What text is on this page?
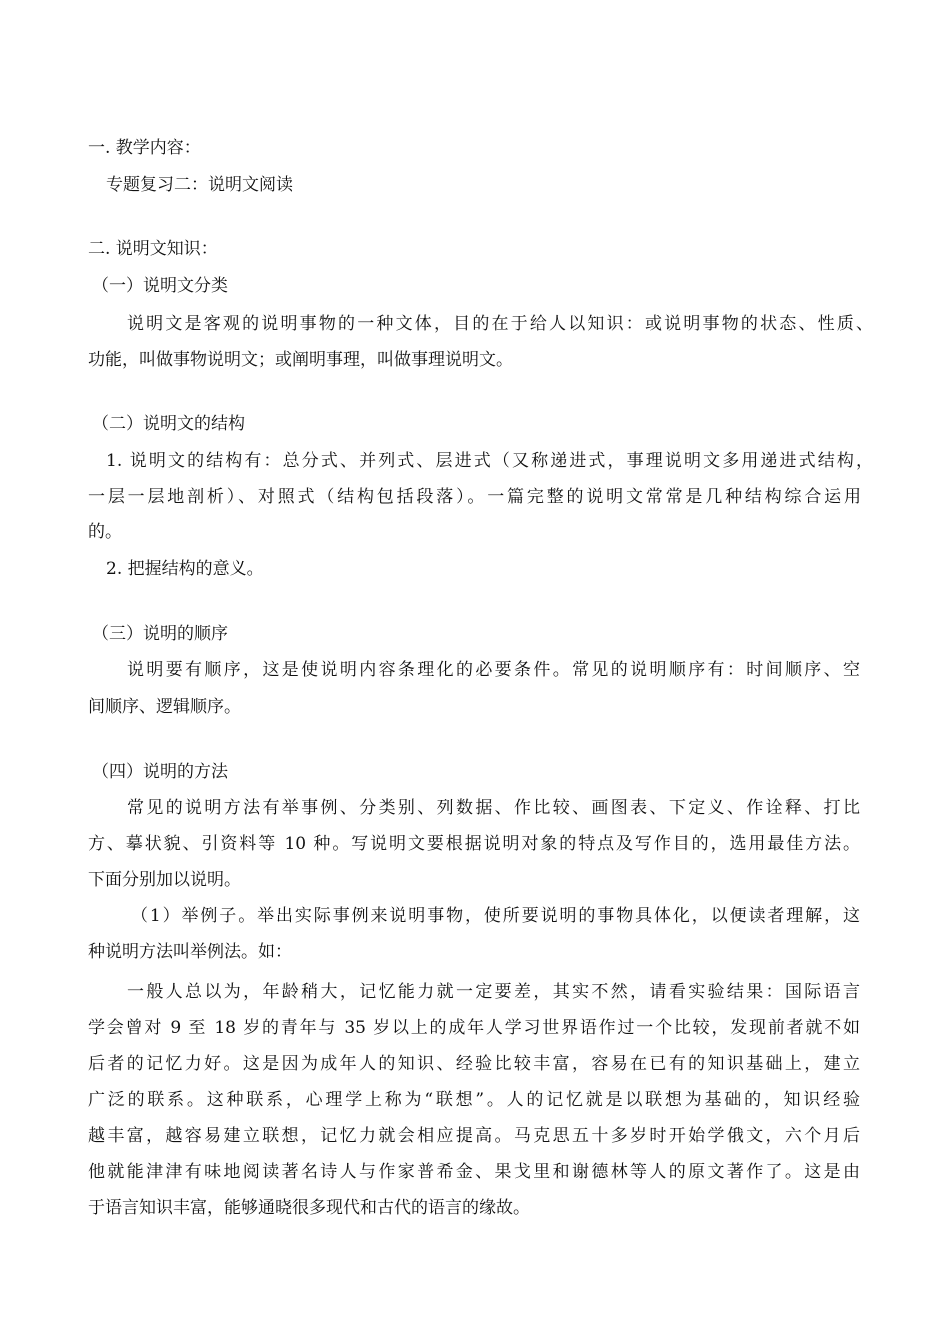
一. 教学内容：
专题复习二：说明文阅读
二. 说明文知识：
（一）说明文分类
说明文是客观的说明事物的一种文体，目的在于给人以知识：或说明事物的状态、性质、
功能，叫做事物说明文；或阐明事理，叫做事理说明文。
（二）说明文的结构
1. 说明文的结构有：总分式、并列式、层进式（又称递进式，事理说明文多用递进式结构，
一层一层地剖析）、对照式（结构包括段落）。一篇完整的说明文常常是几种结构综合运用
的。
2. 把握结构的意义。
（三）说明的顺序
说明要有顺序，这是使说明内容条理化的必要条件。常见的说明顺序有：时间顺序、空
间顺序、逻辑顺序。
（四）说明的方法
常见的说明方法有举事例、分类别、列数据、作比较、画图表、下定义、作诠释、打比
方、摹状貌、引资料等 10 种。写说明文要根据说明对象的特点及写作目的，选用最佳方法。
下面分别加以说明。
（1）举例子。举出实际事例来说明事物，使所要说明的事物具体化，以便读者理解，这
种说明方法叫举例法。如：
一般人总以为，年龄稍大，记忆能力就一定要差，其实不然，请看实验结果：国际语言
学会曾对 9 至 18 岁的青年与 35 岁以上的成年人学习世界语作过一个比较，发现前者就不如
后者的记忆力好。这是因为成年人的知识、经验比较丰富，容易在已有的知识基础上，建立
广泛的联系。这种联系，心理学上称为“联想”。人的记忆就是以联想为基础的，知识经验
越丰富，越容易建立联想，记忆力就会相应提高。马克思五十多岁时开始学俄文，六个月后
他就能津津有味地阅读著名诗人与作家普希金、果戈里和谢德林等人的原文著作了。这是由
于语言知识丰富，能够通晓很多现代和古代的语言的缘故。
